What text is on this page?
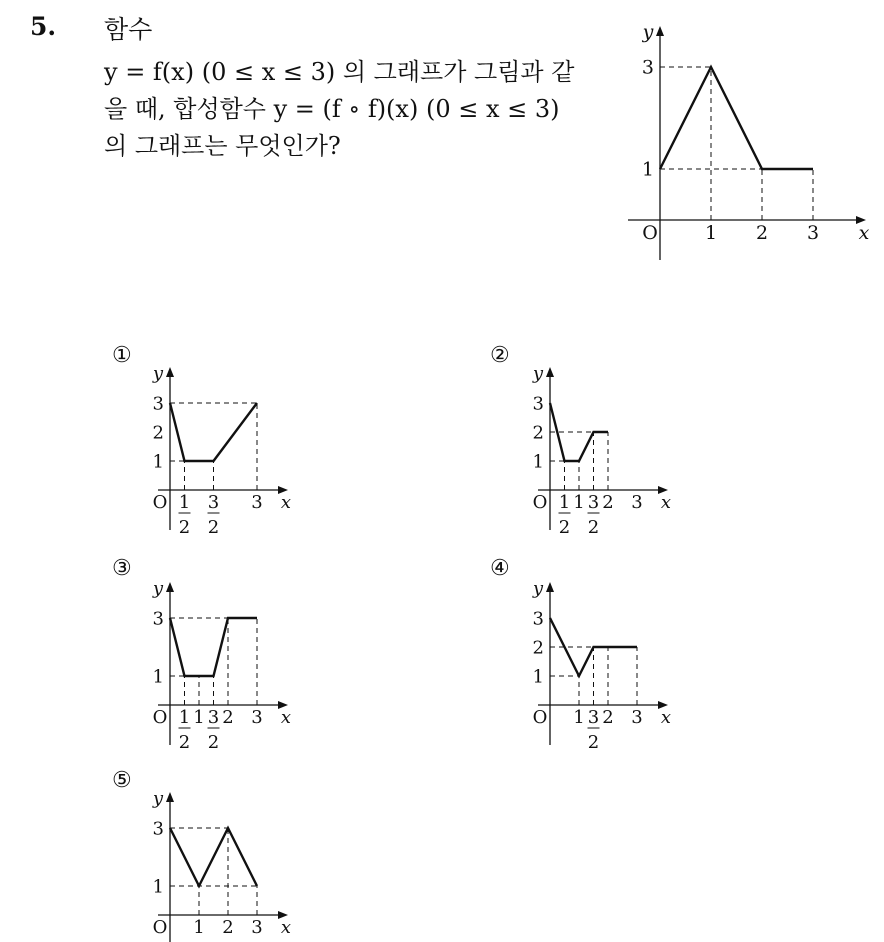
5. 함수
y = f(x) (0 ≤ x ≤ 3) 의 그래프가 그림과 같
을 때, 합성함수 y = (f ∘ f)(x) (0 ≤ x ≤ 3)
의 그래프는 무엇인가?
①	②
③	④
⑤
x
y
O 1 2 3
1
3
x
y
O 1
2
3
2
3
1
2
3
x
y
O 1
2
1 3
2
2 3
1
2
3
x
y
O 1
2
1 3
2
2 3
1
3
x
y
O 1 3
2
2 3
1
2
3
x
y
O 1 2 3
1
3
